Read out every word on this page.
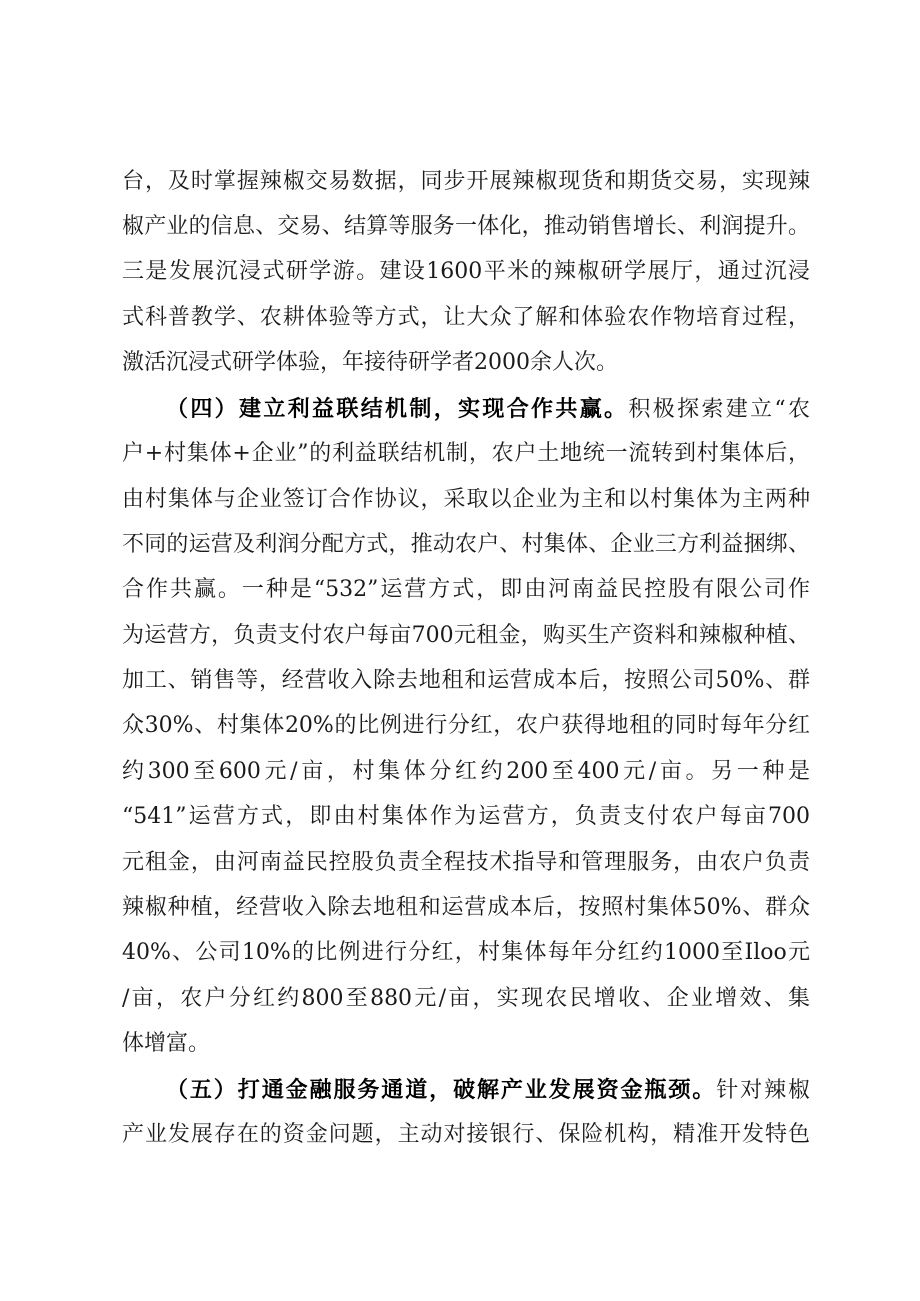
台，及时掌握辣椒交易数据，同步开展辣椒现货和期货交易，实现辣
椒产业的信息、交易、结算等服务一体化，推动销售增长、利润提升。
三是发展沉浸式研学游。建设1600平米的辣椒研学展厅，通过沉浸
式科普教学、农耕体验等方式，让大众了解和体验农作物培育过程，
激活沉浸式研学体验，年接待研学者2000余人次。
（四）建立利益联结机制，实现合作共赢。积极探索建立“农
户+村集体+企业”的利益联结机制，农户土地统一流转到村集体后，
由村集体与企业签订合作协议，采取以企业为主和以村集体为主两种
不同的运营及利润分配方式，推动农户、村集体、企业三方利益捆绑、
合作共赢。一种是“532”运营方式，即由河南益民控股有限公司作
为运营方，负责支付农户每亩700元租金，购买生产资料和辣椒种植、
加工、销售等，经营收入除去地租和运营成本后，按照公司50%、群
众30%、村集体20%的比例进行分红，农户获得地租的同时每年分红
约300至600元/亩，村集体分红约200至400元/亩。另一种是
“541”运营方式，即由村集体作为运营方，负责支付农户每亩700
元租金，由河南益民控股负责全程技术指导和管理服务，由农户负责
辣椒种植，经营收入除去地租和运营成本后，按照村集体50%、群众
40%、公司10%的比例进行分红，村集体每年分红约1000至Iloo元
/亩，农户分红约800至880元/亩，实现农民增收、企业增效、集
体增富。
（五）打通金融服务通道，破解产业发展资金瓶颈。针对辣椒
产业发展存在的资金问题，主动对接银行、保险机构，精准开发特色
